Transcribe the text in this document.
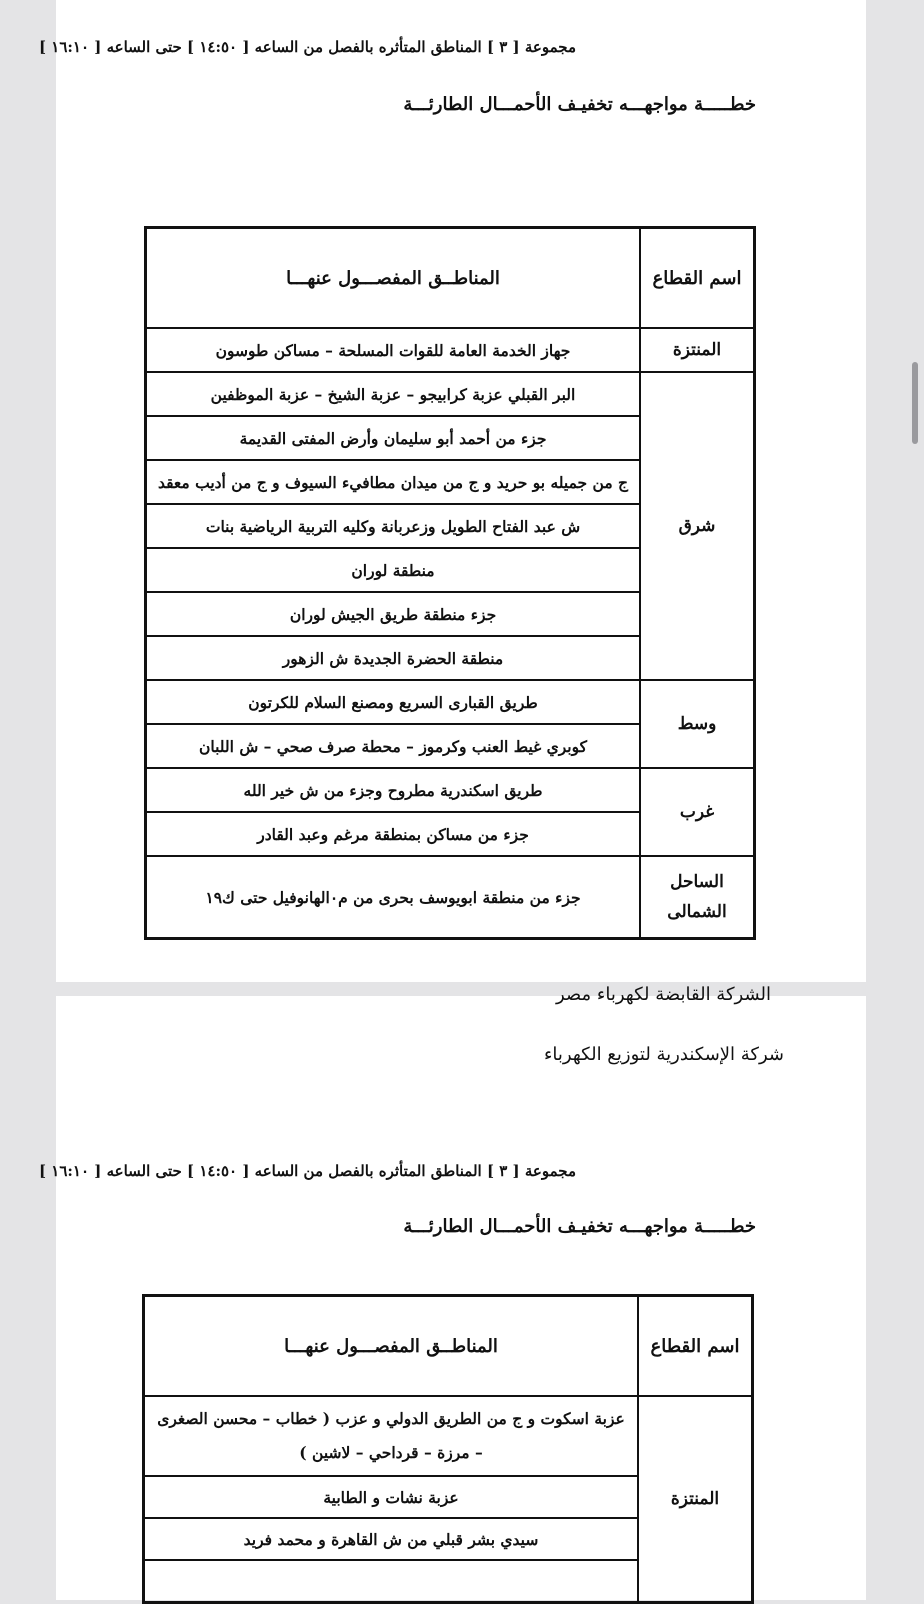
مجموعة [ ٣ ] المناطق المتأثره بالفصل من الساعه [ ١٤:٥٠ ] حتى الساعه [ ١٦:١٠ ]
خطـــــة مواجهـــه تخفيـف الأحمـــال الطارئـــة
اسم القطاع	المناطــق المفصـــول عنهـــا
المنتزة	جهاز الخدمة العامة للقوات المسلحة – مساكن طوسون
شرق	البر القبلي عزبة كرابيجو – عزبة الشيخ – عزبة الموظفين
	جزء من أحمد أبو سليمان وأرض المفتى القديمة
	ج من جميله بو حريد و ج من ميدان مطافيء السيوف و ج من أديب معقد
	ش عبد الفتاح الطويل وزعربانة وكليه التربية الرياضية بنات
	منطقة لوران
	جزء منطقة طريق الجيش لوران
	منطقة الحضرة الجديدة ش الزهور
وسط	طريق القبارى السريع ومصنع السلام للكرتون
	كوبري غيط العنب وكرموز – محطة صرف صحي – ش اللبان
غرب	طريق اسكندرية مطروح وجزء من ش خير الله
	جزء من مساكن بمنطقة مرغم وعبد القادر
الساحل الشمالى	جزء من منطقة ابويوسف بحرى من م٠الهانوفيل حتى ك١٩
الشركة القابضة لكهرباء مصر
شركة الإسكندرية لتوزيع الكهرباء
مجموعة [ ٣ ] المناطق المتأثره بالفصل من الساعه [ ١٤:٥٠ ] حتى الساعه [ ١٦:١٠ ]
خطـــــة مواجهـــه تخفيـف الأحمـــال الطارئـــة
اسم القطاع	المناطــق المفصـــول عنهـــا
المنتزة	عزبة اسكوت و ج من الطريق الدولي و عزب ( خطاب – محسن الصغرى – مرزة – قرداحي – لاشين )
	عزبة نشات و الطابية
	سيدي بشر قبلي من ش القاهرة و محمد فريد
